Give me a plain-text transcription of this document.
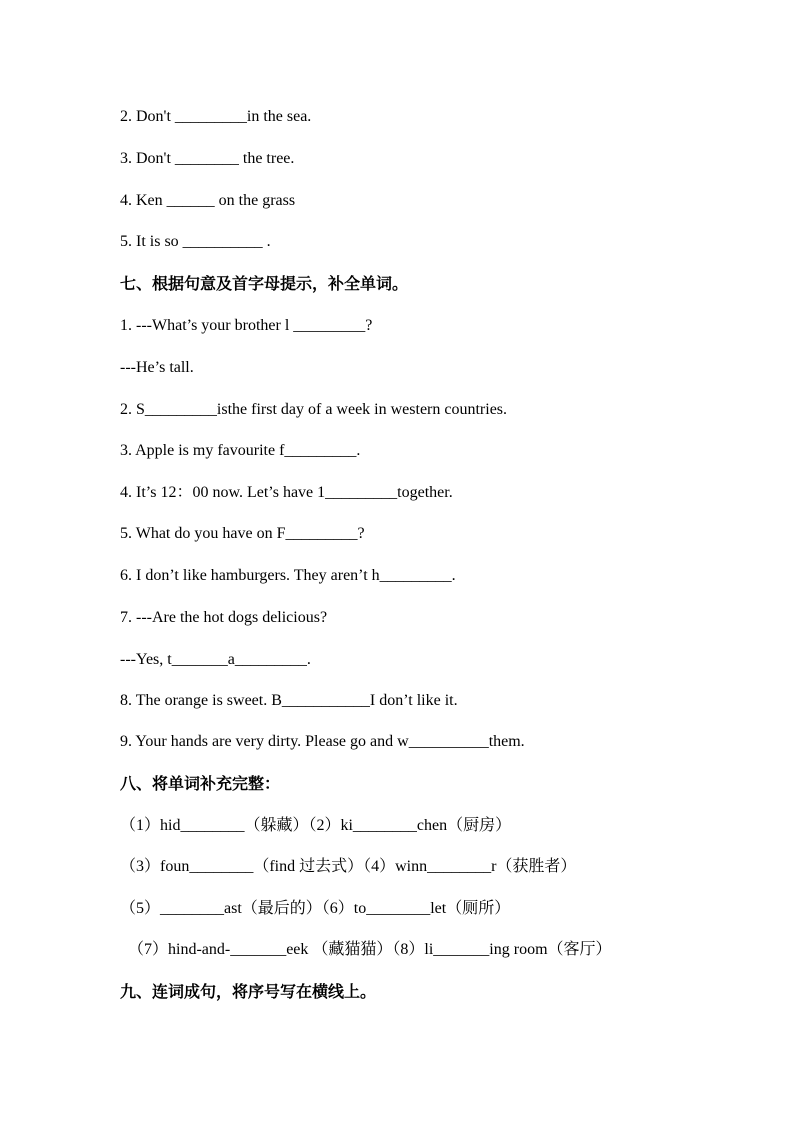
2. Don't _________in the sea.
3. Don't ________ the tree.
4. Ken ______ on the grass
5. It is so __________ .
七、根据句意及首字母提示，补全单词。
1. ---What’s your brother l _________?
---He’s tall.
2. S_________isthe first day of a week in western countries.
3. Apple is my favourite f_________.
4. It’s 12：00 now. Let’s have 1_________together.
5. What do you have on F_________?
6. I don’t like hamburgers. They aren’t h_________.
7. ---Are the hot dogs delicious?
---Yes, t_______a_________.
8. The orange is sweet. B___________I don’t like it.
9. Your hands are very dirty. Please go and w__________them.
八、将单词补充完整：
（1）hid________（躲藏）（2）ki________chen（厨房）
（3）foun________（find 过去式）（4）winn________r（获胜者）
（5）________ast（最后的）（6）to________let（厕所）
（7）hind-and-_______eek （藏猫猫）（8）li_______ing room（客厅）
九、连词成句，将序号写在横线上。
